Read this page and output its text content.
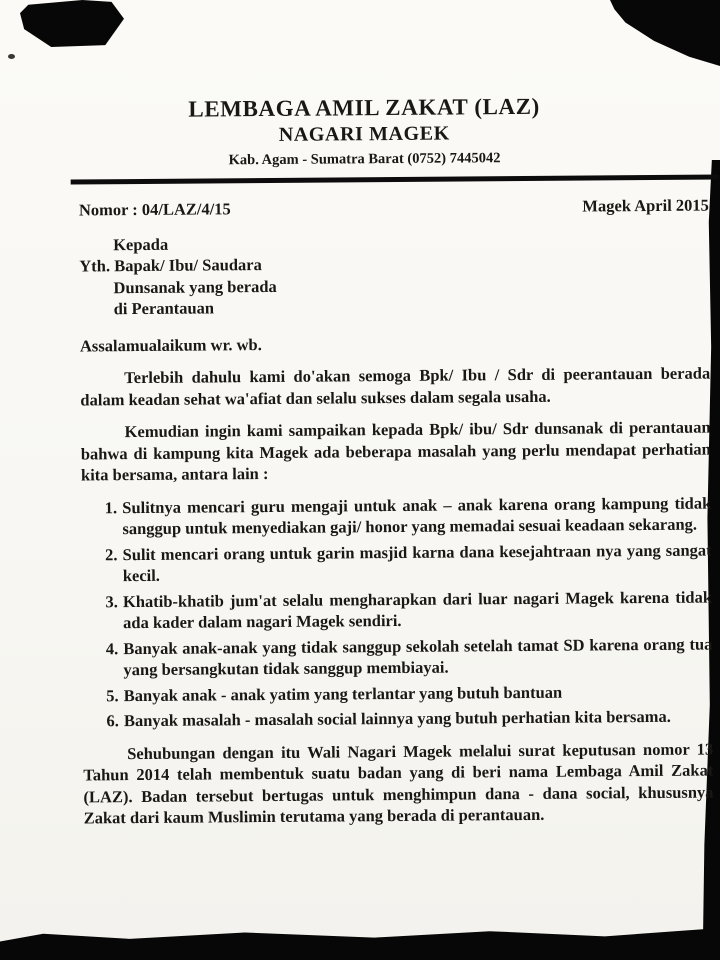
LEMBAGA AMIL ZAKAT (LAZ)
NAGARI MAGEK
Kab. Agam - Sumatra Barat (0752) 7445042
Nomor : 04/LAZ/4/15	Magek April 2015
Kepada
Yth. Bapak/ Ibu/ Saudara
Dunsanak yang berada
di Perantauan
Assalamualaikum wr. wb.

Terlebih dahulu kami do'akan semoga Bpk/ Ibu / Sdr di peerantauan berada dalam keadan sehat wa'afiat dan selalu sukses dalam segala usaha.

Kemudian ingin kami sampaikan kepada Bpk/ ibu/ Sdr dunsanak di perantauan bahwa di kampung kita Magek ada beberapa masalah yang perlu mendapat perhatian kita bersama, antara lain :

1. Sulitnya mencari guru mengaji untuk anak – anak karena orang kampung tidak sanggup untuk menyediakan gaji/ honor yang memadai sesuai keadaan sekarang.
2. Sulit mencari orang untuk garin masjid karna dana kesejahtraan nya yang sangat kecil.
3. Khatib-khatib jum'at selalu mengharapkan dari luar nagari Magek karena tidak ada kader dalam nagari Magek sendiri.
4. Banyak anak-anak yang tidak sanggup sekolah setelah tamat SD karena orang tua yang bersangkutan tidak sanggup membiayai.
5. Banyak anak - anak yatim yang terlantar yang butuh bantuan
6. Banyak masalah - masalah social lainnya yang butuh perhatian kita bersama.

Sehubungan dengan itu Wali Nagari Magek melalui surat keputusan nomor 13 Tahun 2014 telah membentuk suatu badan yang di beri nama Lembaga Amil Zakat (LAZ). Badan tersebut bertugas untuk menghimpun dana - dana social, khususnya Zakat dari kaum Muslimin terutama yang berada di perantauan.
